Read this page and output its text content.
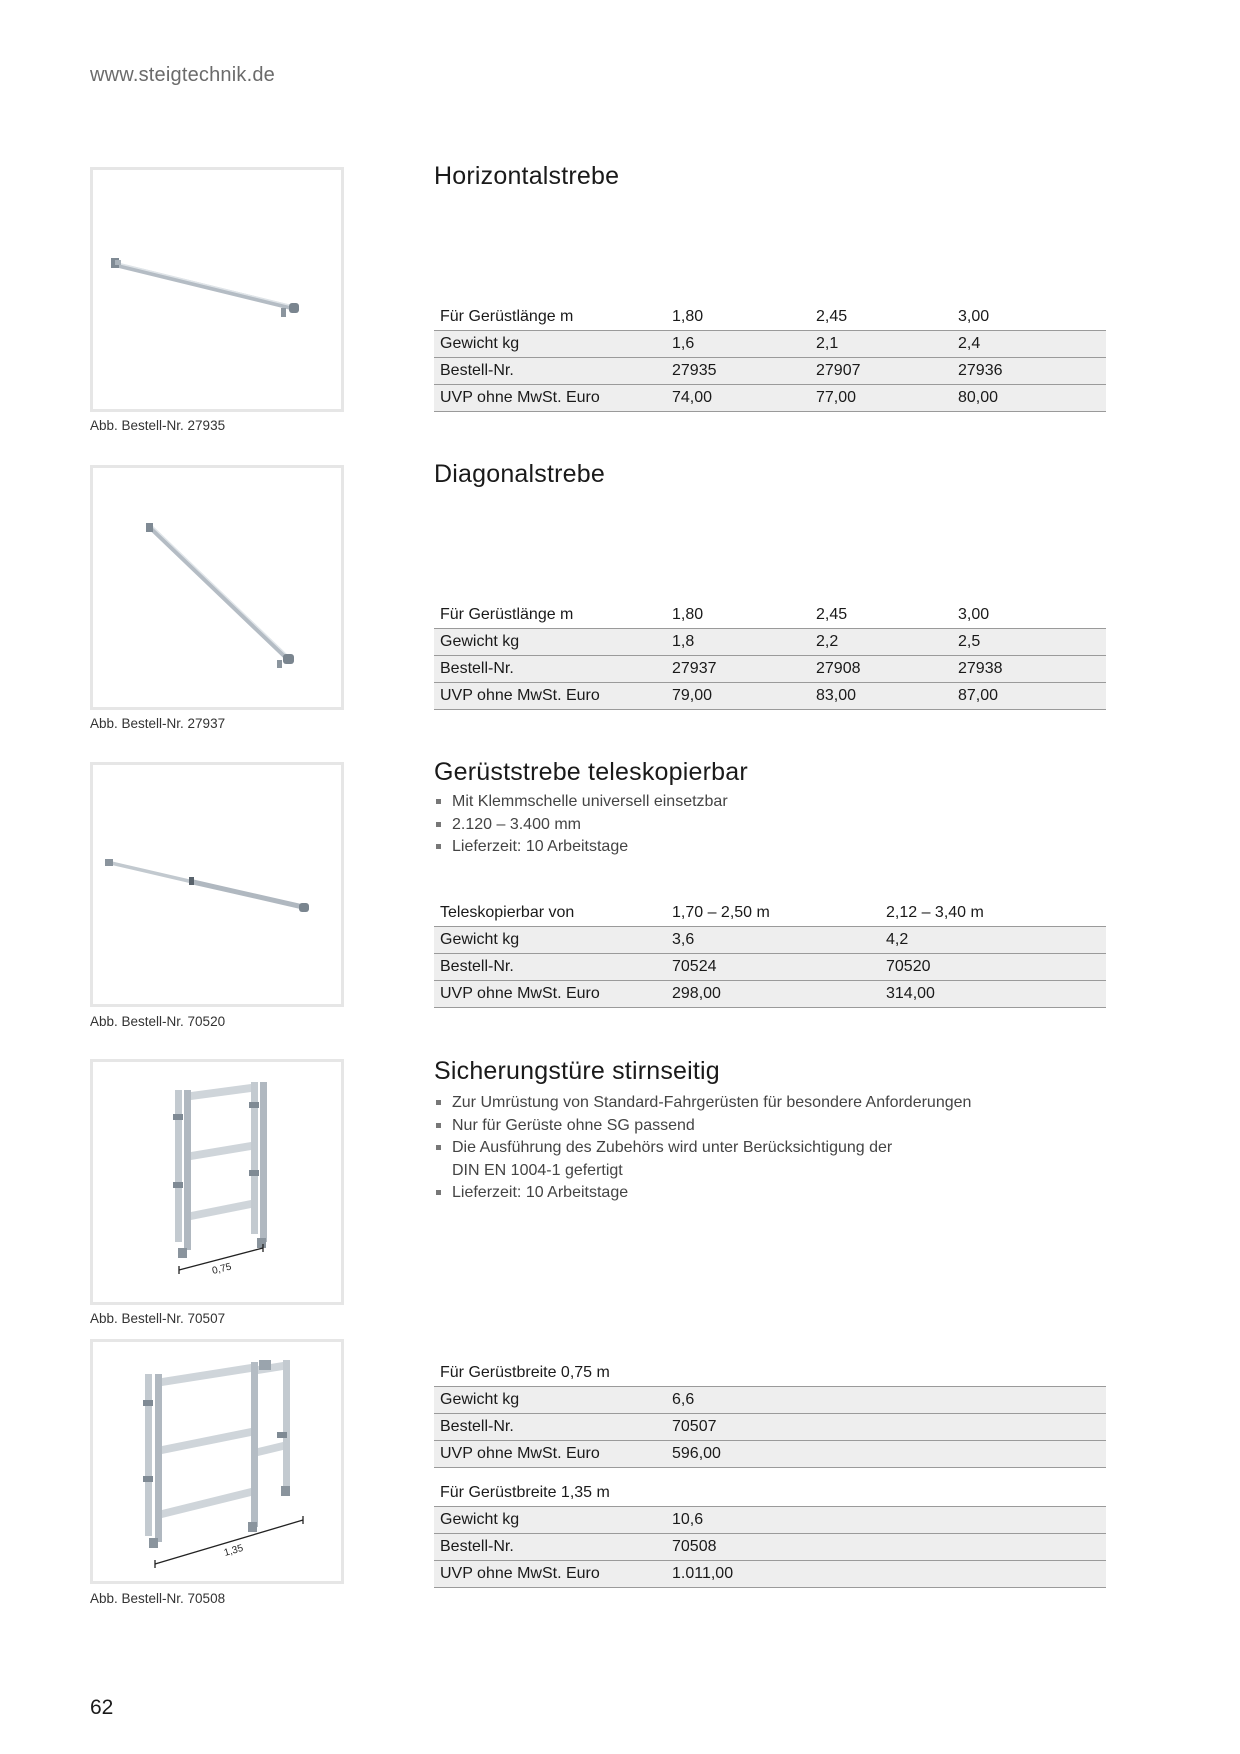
www.steigtechnik.de
Abb. Bestell-Nr. 27935
Horizontalstrebe
Für Gerüstlänge m	1,80	2,45	3,00
Gewicht kg	1,6	2,1	2,4
Bestell-Nr.	27935	27907	27936
UVP ohne MwSt. Euro	74,00	77,00	80,00
Abb. Bestell-Nr. 27937
Diagonalstrebe
Für Gerüstlänge m	1,80	2,45	3,00
Gewicht kg	1,8	2,2	2,5
Bestell-Nr.	27937	27908	27938
UVP ohne MwSt. Euro	79,00	83,00	87,00
Abb. Bestell-Nr. 70520
Gerüststrebe teleskopierbar
Mit Klemmschelle universell einsetzbar
2.120 – 3.400 mm
Lieferzeit: 10 Arbeitstage
Teleskopierbar von	1,70 – 2,50 m	2,12 – 3,40 m
Gewicht kg	3,6	4,2
Bestell-Nr.	70524	70520
UVP ohne MwSt. Euro	298,00	314,00
0,75
Abb. Bestell-Nr. 70507
1,35
Abb. Bestell-Nr. 70508
Sicherungstüre stirnseitig
Zur Umrüstung von Standard-Fahrgerüsten für besondere Anforderungen
Nur für Gerüste ohne SG passend
Die Ausführung des Zubehörs wird unter Berücksichtigung der
DIN EN 1004-1 gefertigt
Lieferzeit: 10 Arbeitstage
Für Gerüstbreite 0,75 m	
Gewicht kg	6,6
Bestell-Nr.	70507
UVP ohne MwSt. Euro	596,00
Für Gerüstbreite 1,35 m	
Gewicht kg	10,6
Bestell-Nr.	70508
UVP ohne MwSt. Euro	1.011,00
62
